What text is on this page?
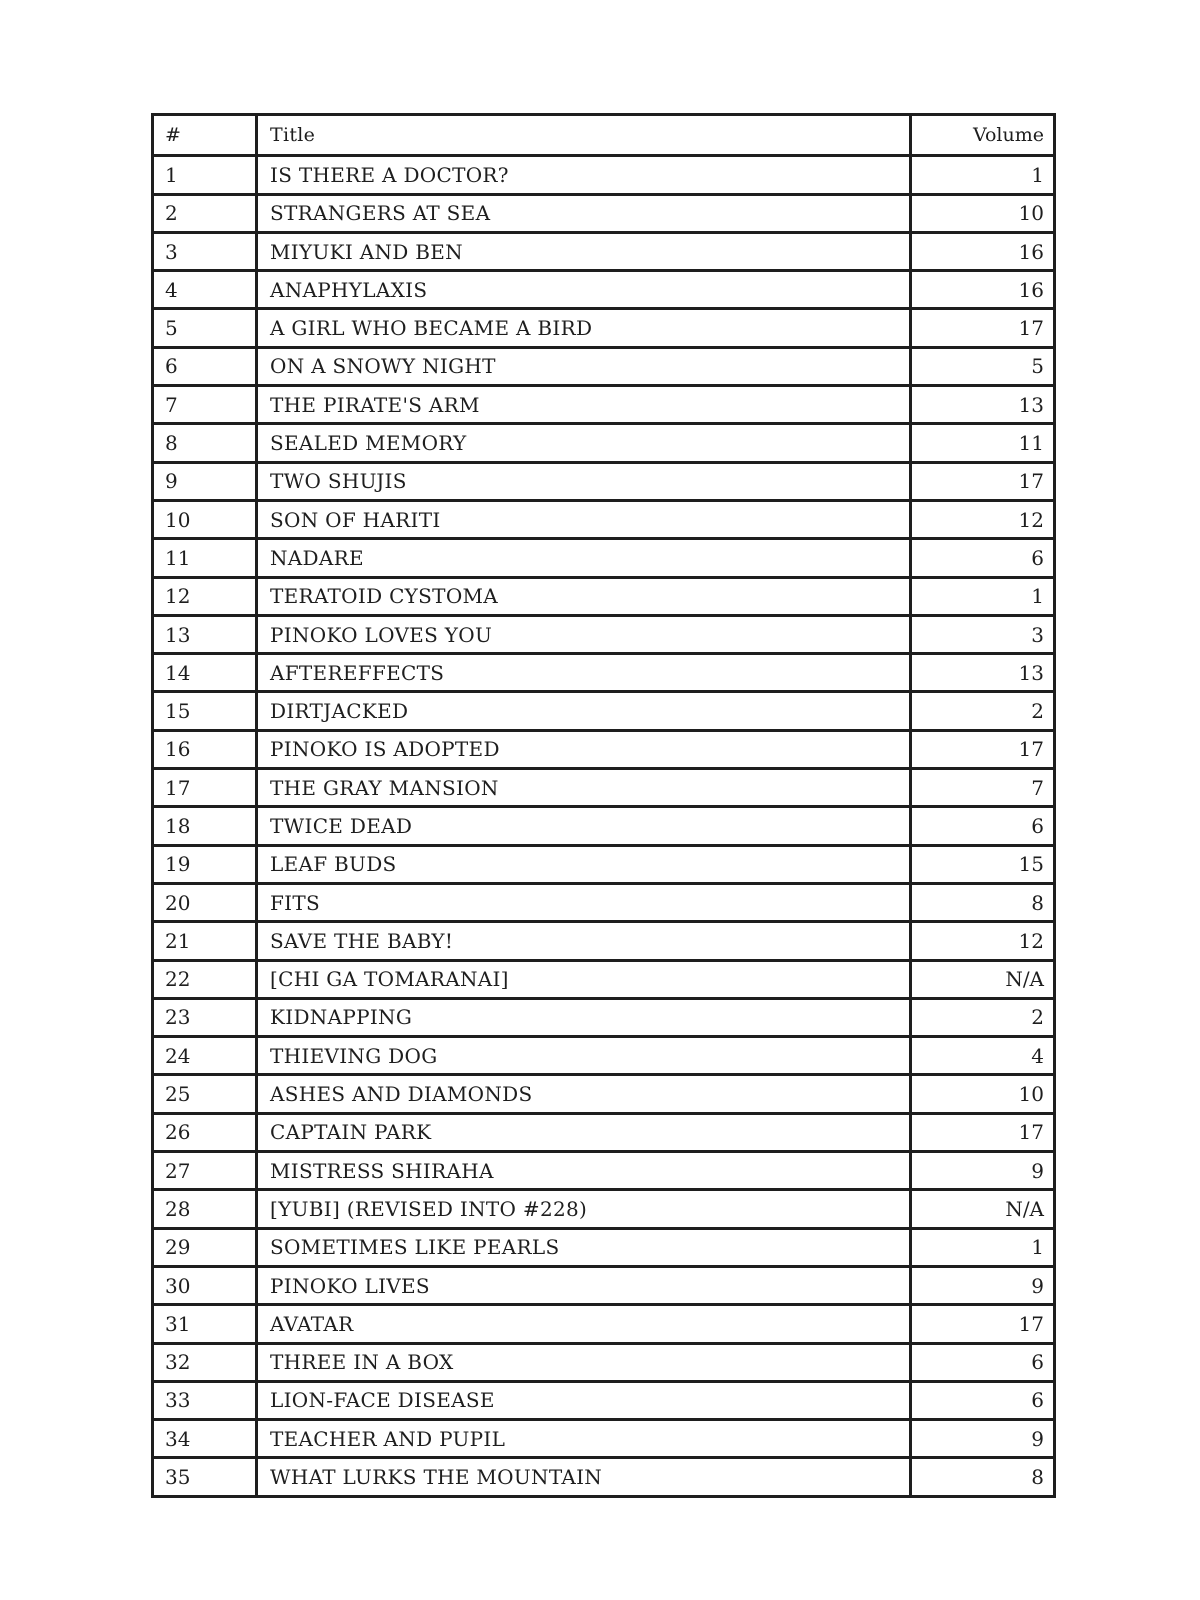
#	Title	Volume
1	IS THERE A DOCTOR?	1
2	STRANGERS AT SEA	10
3	MIYUKI AND BEN	16
4	ANAPHYLAXIS	16
5	A GIRL WHO BECAME A BIRD	17
6	ON A SNOWY NIGHT	5
7	THE PIRATE'S ARM	13
8	SEALED MEMORY	11
9	TWO SHUJIS	17
10	SON OF HARITI	12
11	NADARE	6
12	TERATOID CYSTOMA	1
13	PINOKO LOVES YOU	3
14	AFTEREFFECTS	13
15	DIRTJACKED	2
16	PINOKO IS ADOPTED	17
17	THE GRAY MANSION	7
18	TWICE DEAD	6
19	LEAF BUDS	15
20	FITS	8
21	SAVE THE BABY!	12
22	[CHI GA TOMARANAI]	N/A
23	KIDNAPPING	2
24	THIEVING DOG	4
25	ASHES AND DIAMONDS	10
26	CAPTAIN PARK	17
27	MISTRESS SHIRAHA	9
28	[YUBI] (REVISED INTO #228)	N/A
29	SOMETIMES LIKE PEARLS	1
30	PINOKO LIVES	9
31	AVATAR	17
32	THREE IN A BOX	6
33	LION-FACE DISEASE	6
34	TEACHER AND PUPIL	9
35	WHAT LURKS THE MOUNTAIN	8
